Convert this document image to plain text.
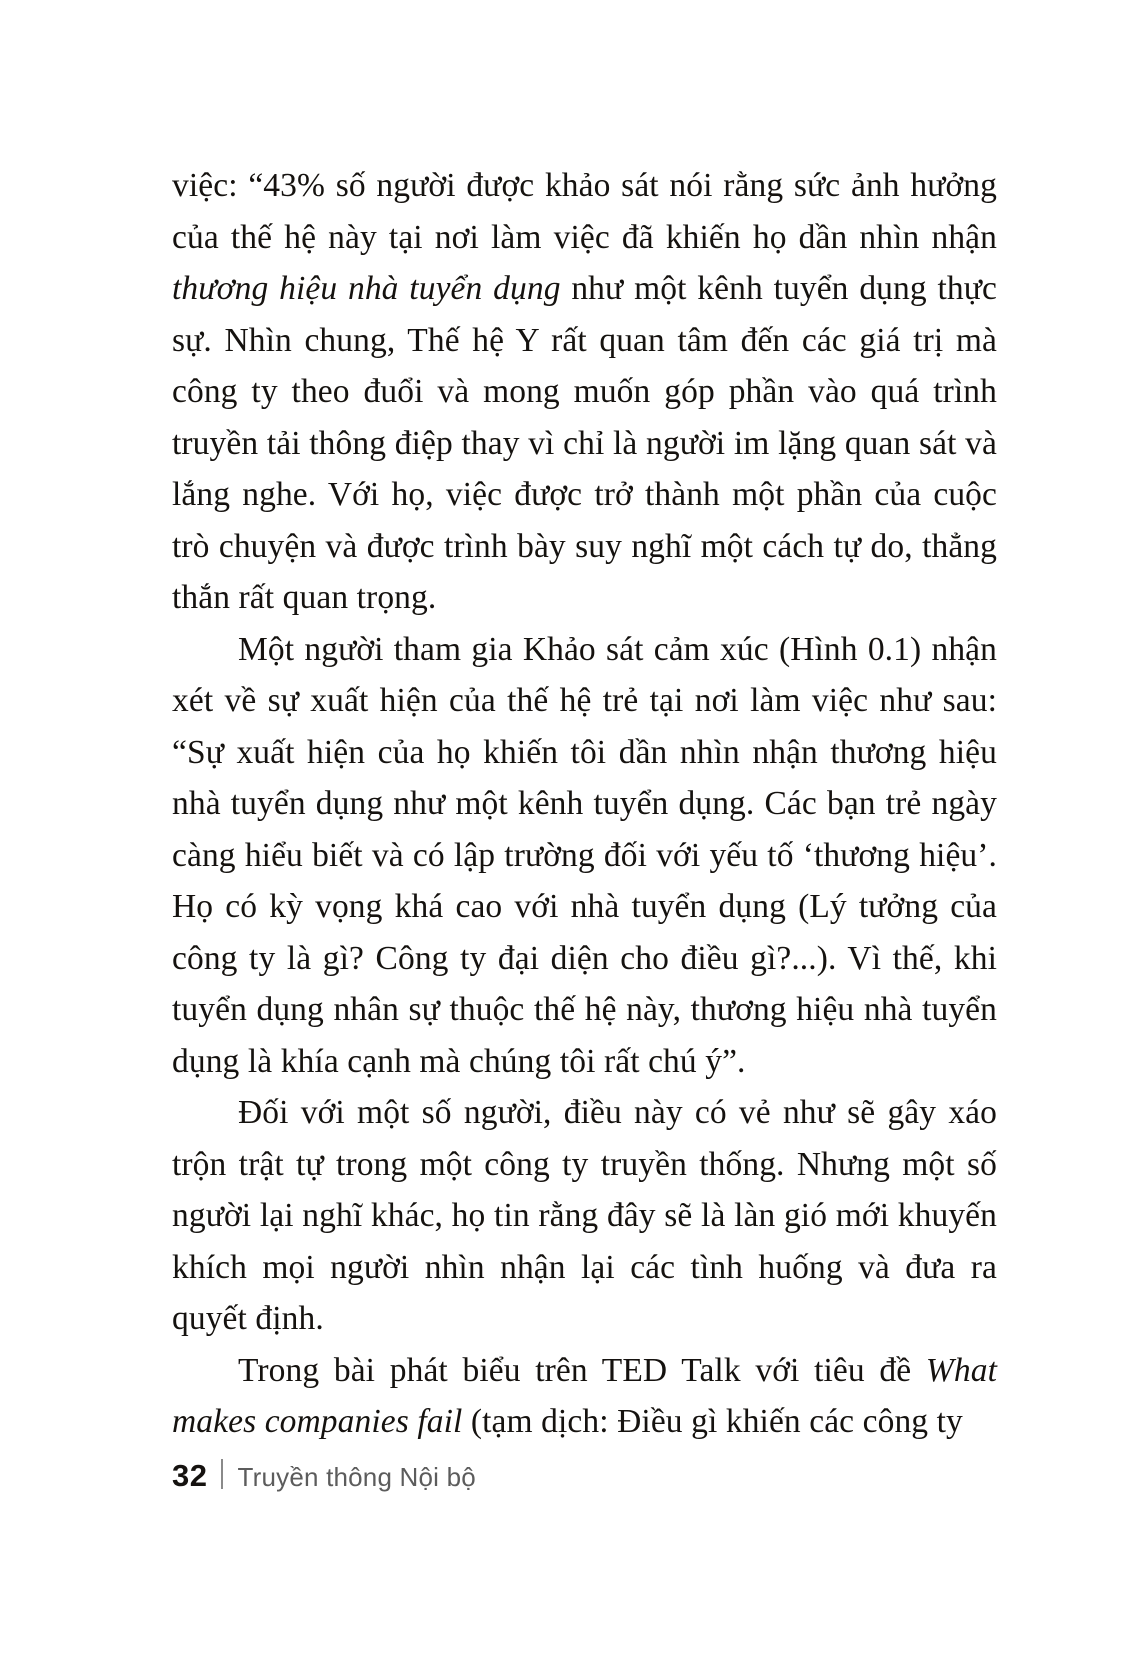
việc: “43% số người được khảo sát nói rằng sức ảnh hưởng của thế hệ này tại nơi làm việc đã khiến họ dần nhìn nhận thương hiệu nhà tuyển dụng như một kênh tuyển dụng thực sự. Nhìn chung, Thế hệ Y rất quan tâm đến các giá trị mà công ty theo đuổi và mong muốn góp phần vào quá trình truyền tải thông điệp thay vì chỉ là người im lặng quan sát và lắng nghe. Với họ, việc được trở thành một phần của cuộc trò chuyện và được trình bày suy nghĩ một cách tự do, thẳng thắn rất quan trọng.

Một người tham gia Khảo sát cảm xúc (Hình 0.1) nhận xét về sự xuất hiện của thế hệ trẻ tại nơi làm việc như sau: “Sự xuất hiện của họ khiến tôi dần nhìn nhận thương hiệu nhà tuyển dụng như một kênh tuyển dụng. Các bạn trẻ ngày càng hiểu biết và có lập trường đối với yếu tố ‘thương hiệu’. Họ có kỳ vọng khá cao với nhà tuyển dụng (Lý tưởng của công ty là gì? Công ty đại diện cho điều gì?...). Vì thế, khi tuyển dụng nhân sự thuộc thế hệ này, thương hiệu nhà tuyển dụng là khía cạnh mà chúng tôi rất chú ý”.

Đối với một số người, điều này có vẻ như sẽ gây xáo trộn trật tự trong một công ty truyền thống. Nhưng một số người lại nghĩ khác, họ tin rằng đây sẽ là làn gió mới khuyến khích mọi người nhìn nhận lại các tình huống và đưa ra quyết định.

Trong bài phát biểu trên TED Talk với tiêu đề What makes companies fail (tạm dịch: Điều gì khiến các công ty

32 Truyền thông Nội bộ
